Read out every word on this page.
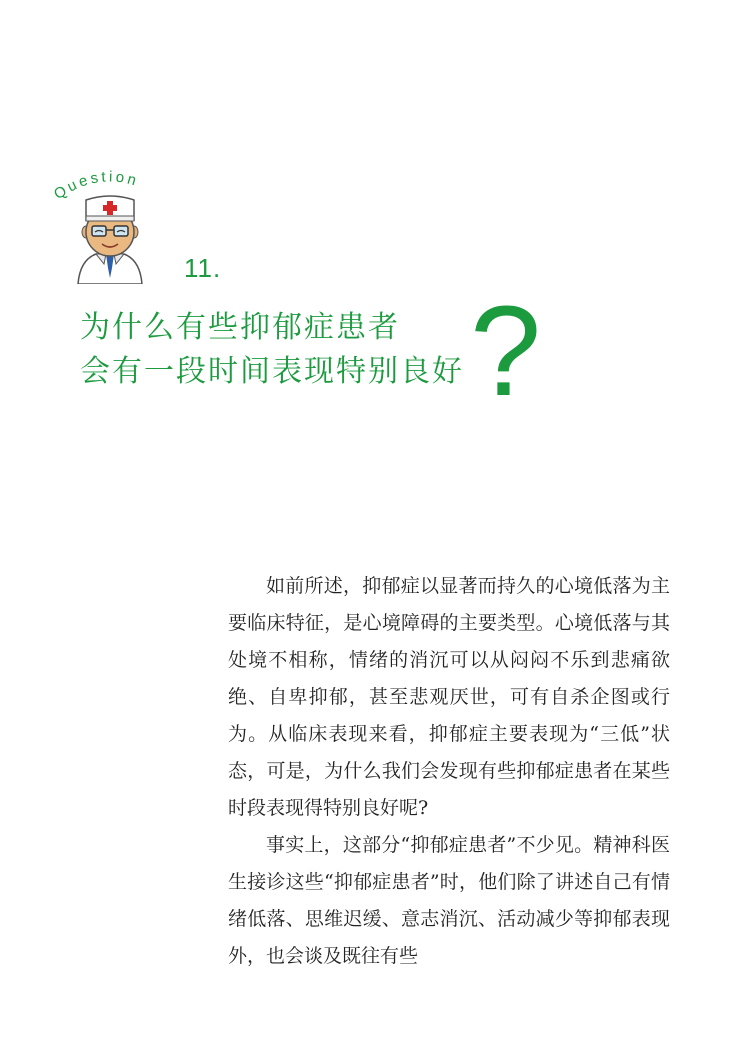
Question
11.
为什么有些抑郁症患者
会有一段时间表现特别良好 ?

如前所述，抑郁症以显著而持久的心境低落为主要临床特征，是心境障碍的主要类型。心境低落与其处境不相称，情绪的消沉可以从闷闷不乐到悲痛欲绝、自卑抑郁，甚至悲观厌世，可有自杀企图或行为。从临床表现来看，抑郁症主要表现为“三低”状态，可是，为什么我们会发现有些抑郁症患者在某些时段表现得特别良好呢?

事实上，这部分“抑郁症患者”不少见。精神科医生接诊这些“抑郁症患者”时，他们除了讲述自己有情绪低落、思维迟缓、意志消沉、活动减少等抑郁表现外，也会谈及既往有些
